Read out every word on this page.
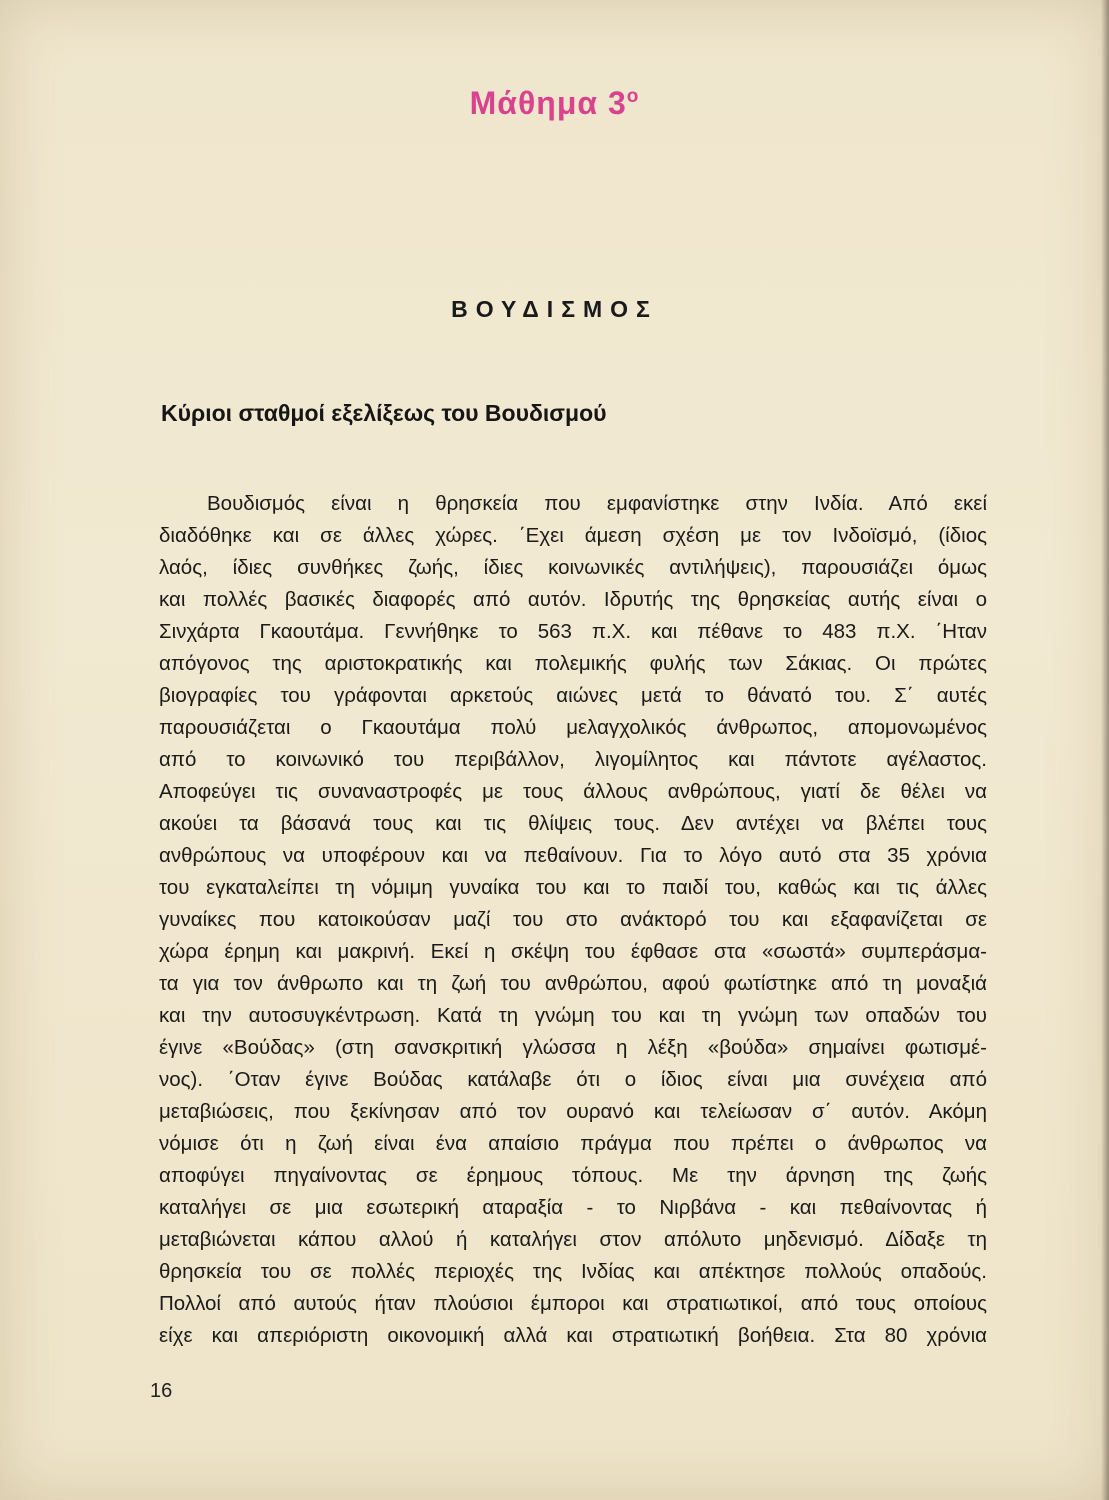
Μάθημα $3^o$
ΒΟΥΔΙΣΜΟΣ
Κύριοι σταθμοί εξελίξεως του Βουδισμού
Βουδισμός είναι η θρησκεία που εμφανίστηκε στην Ινδία. Από εκεί
διαδόθηκε και σε άλλες χώρες. ΄Εχει άμεση σχέση με τον Ινδοϊσμό, (ίδιος
λαός, ίδιες συνθήκες ζωής, ίδιες κοινωνικές αντιλήψεις), παρουσιάζει όμως
και πολλές βασικές διαφορές από αυτόν. Ιδρυτής της θρησκείας αυτής είναι ο
Σινχάρτα Γκαουτάμα. Γεννήθηκε το 563 π.Χ. και πέθανε το 483 π.Χ. ΄Ηταν
απόγονος της αριστοκρατικής και πολεμικής φυλής των Σάκιας. Οι πρώτες
βιογραφίες του γράφονται αρκετούς αιώνες μετά το θάνατό του. Σ΄ αυτές
παρουσιάζεται ο Γκαουτάμα πολύ μελαγχολικός άνθρωπος, απομονωμένος
από το κοινωνικό του περιβάλλον, λιγομίλητος και πάντοτε αγέλαστος.
Αποφεύγει τις συναναστροφές με τους άλλους ανθρώπους, γιατί δε θέλει να
ακούει τα βάσανά τους και τις θλίψεις τους. Δεν αντέχει να βλέπει τους
ανθρώπους να υποφέρουν και να πεθαίνουν. Για το λόγο αυτό στα 35 χρόνια
του εγκαταλείπει τη νόμιμη γυναίκα του και το παιδί του, καθώς και τις άλλες
γυναίκες που κατοικούσαν μαζί του στο ανάκτορό του και εξαφανίζεται σε
χώρα έρημη και μακρινή. Εκεί η σκέψη του έφθασε στα «σωστά» συμπεράσμα-
τα για τον άνθρωπο και τη ζωή του ανθρώπου, αφού φωτίστηκε από τη μοναξιά
και την αυτοσυγκέντρωση. Κατά τη γνώμη του και τη γνώμη των οπαδών του
έγινε «Βούδας» (στη σανσκριτική γλώσσα η λέξη «βούδα» σημαίνει φωτισμέ-
νος). ΄Οταν έγινε Βούδας κατάλαβε ότι ο ίδιος είναι μια συνέχεια από
μεταβιώσεις, που ξεκίνησαν από τον ουρανό και τελείωσαν σ΄ αυτόν. Ακόμη
νόμισε ότι η ζωή είναι ένα απαίσιο πράγμα που πρέπει ο άνθρωπος να
αποφύγει πηγαίνοντας σε έρημους τόπους. Με την άρνηση της ζωής
καταλήγει σε μια εσωτερική αταραξία - το Νιρβάνα - και πεθαίνοντας ή
μεταβιώνεται κάπου αλλού ή καταλήγει στον απόλυτο μηδενισμό. Δίδαξε τη
θρησκεία του σε πολλές περιοχές της Ινδίας και απέκτησε πολλούς οπαδούς.
Πολλοί από αυτούς ήταν πλούσιοι έμποροι και στρατιωτικοί, από τους οποίους
είχε και απεριόριστη οικονομική αλλά και στρατιωτική βοήθεια. Στα 80 χρόνια

16
